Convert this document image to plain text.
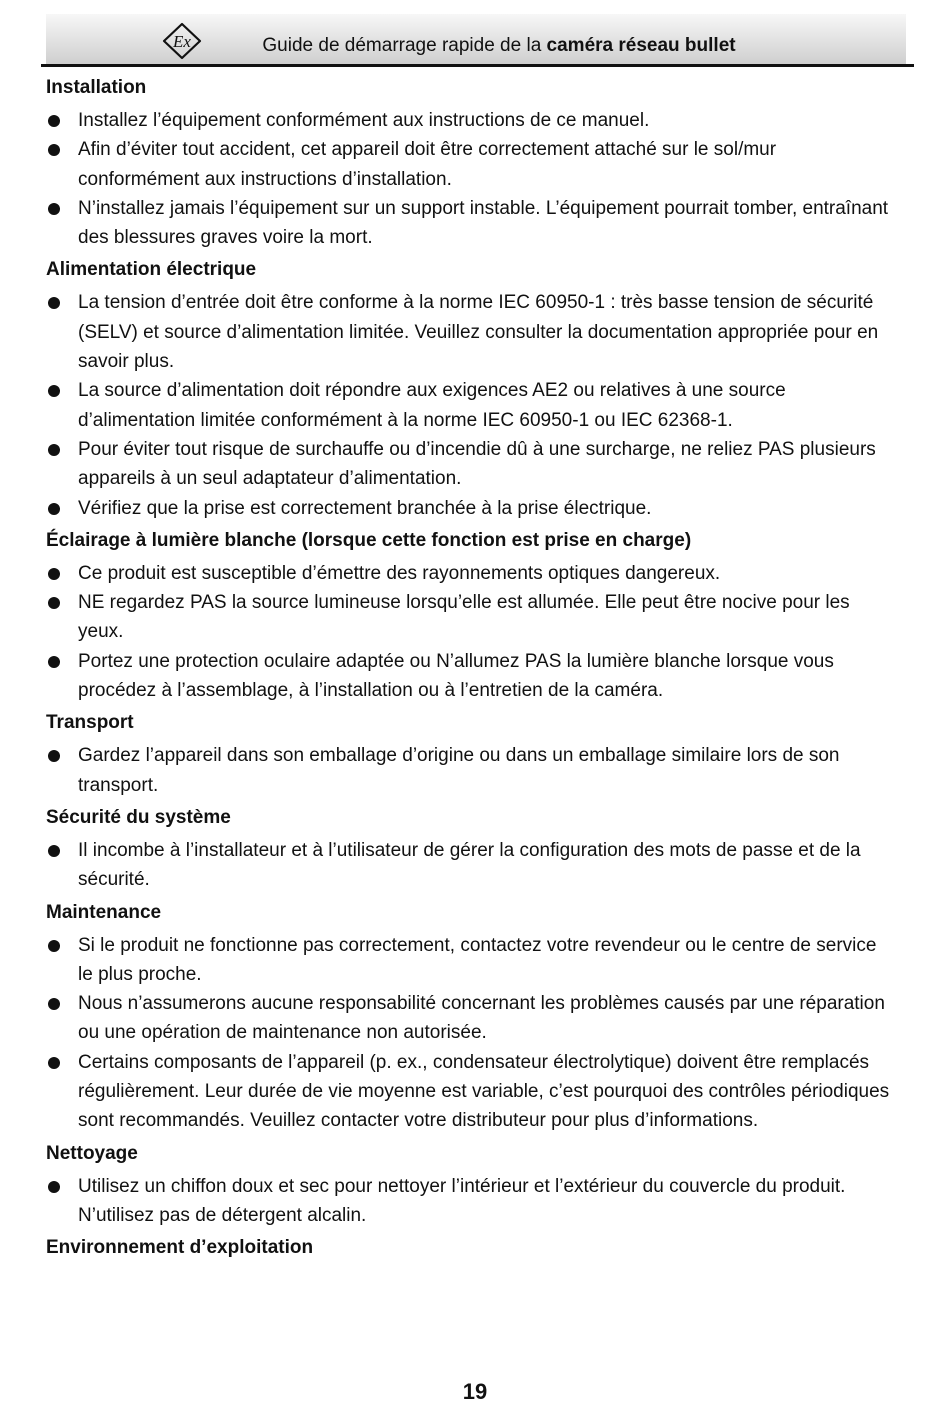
Ex	Guide de démarrage rapide de la caméra réseau bullet
Installation
Installez l’équipement conformément aux instructions de ce manuel.
Afin d’éviter tout accident, cet appareil doit être correctement attaché sur le sol/mur conformément aux instructions d’installation.
N’installez jamais l’équipement sur un support instable. L’équipement pourrait tomber, entraînant des blessures graves voire la mort.
Alimentation électrique
La tension d’entrée doit être conforme à la norme IEC 60950-1 : très basse tension de sécurité (SELV) et source d’alimentation limitée. Veuillez consulter la documentation appropriée pour en savoir plus.
La source d’alimentation doit répondre aux exigences AE2 ou relatives à une source d’alimentation limitée conformément à la norme IEC 60950-1 ou IEC 62368-1.
Pour éviter tout risque de surchauffe ou d’incendie dû à une surcharge, ne reliez PAS plusieurs appareils à un seul adaptateur d’alimentation.
Vérifiez que la prise est correctement branchée à la prise électrique.
Éclairage à lumière blanche (lorsque cette fonction est prise en charge)
Ce produit est susceptible d’émettre des rayonnements optiques dangereux.
NE regardez PAS la source lumineuse lorsqu’elle est allumée. Elle peut être nocive pour les yeux.
Portez une protection oculaire adaptée ou N’allumez PAS la lumière blanche lorsque vous procédez à l’assemblage, à l’installation ou à l’entretien de la caméra.
Transport
Gardez l’appareil dans son emballage d’origine ou dans un emballage similaire lors de son transport.
Sécurité du système
Il incombe à l’installateur et à l’utilisateur de gérer la configuration des mots de passe et de la sécurité.
Maintenance
Si le produit ne fonctionne pas correctement, contactez votre revendeur ou le centre de service le plus proche.
Nous n’assumerons aucune responsabilité concernant les problèmes causés par une réparation ou une opération de maintenance non autorisée.
Certains composants de l’appareil (p. ex., condensateur électrolytique) doivent être remplacés régulièrement. Leur durée de vie moyenne est variable, c’est pourquoi des contrôles périodiques sont recommandés. Veuillez contacter votre distributeur pour plus d’informations.
Nettoyage
Utilisez un chiffon doux et sec pour nettoyer l’intérieur et l’extérieur du couvercle du produit. N’utilisez pas de détergent alcalin.
Environnement d’exploitation
19
